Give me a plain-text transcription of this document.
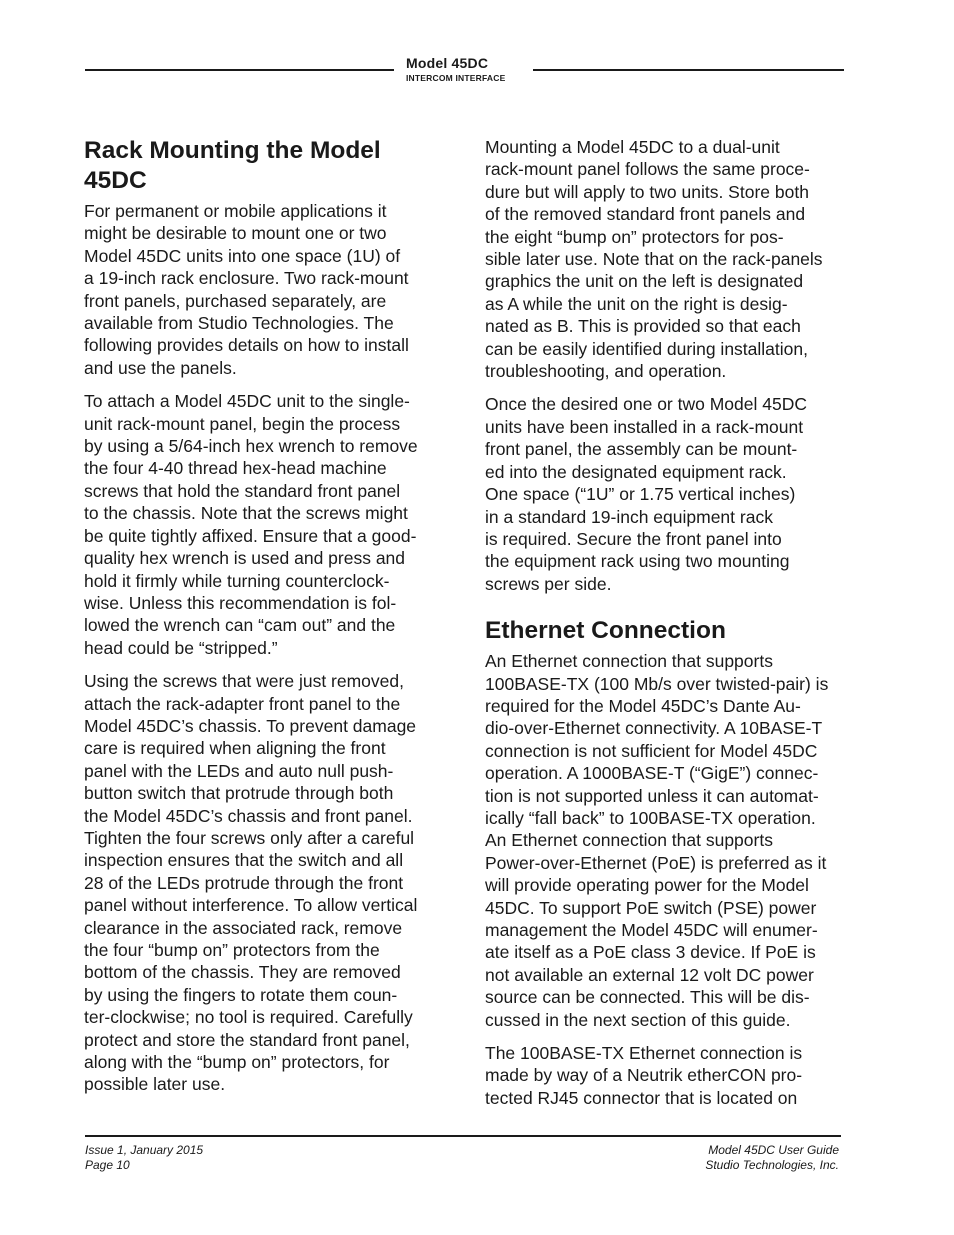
Model 45DC
INTERCOM INTERFACE
Rack Mounting the Model
45DC
For permanent or mobile applications it
might be desirable to mount one or two
Model 45DC units into one space (1U) of
a 19-inch rack enclosure. Two rack-mount
front panels, purchased separately, are
available from Studio Technologies. The
following provides details on how to install
and use the panels.
To attach a Model 45DC unit to the single-
unit rack-mount panel, begin the process
by using a 5/64-inch hex wrench to remove
the four 4-40 thread hex-head machine
screws that hold the standard front panel
to the chassis. Note that the screws might
be quite tightly affixed. Ensure that a good-
quality hex wrench is used and press and
hold it firmly while turning counterclock-
wise. Unless this recommendation is fol-
lowed the wrench can “cam out” and the
head could be “stripped.”
Using the screws that were just removed,
attach the rack-adapter front panel to the
Model 45DC’s chassis. To prevent damage
care is required when aligning the front
panel with the LEDs and auto null push-
button switch that protrude through both
the Model 45DC’s chassis and front panel.
Tighten the four screws only after a careful
inspection ensures that the switch and all
28 of the LEDs protrude through the front
panel without interference. To allow vertical
clearance in the associated rack, remove
the four “bump on” protectors from the
bottom of the chassis. They are removed
by using the fingers to rotate them coun-
ter-clockwise; no tool is required. Carefully
protect and store the standard front panel,
along with the “bump on” protectors, for
possible later use.
Mounting a Model 45DC to a dual-unit
rack-mount panel follows the same proce-
dure but will apply to two units. Store both
of the removed standard front panels and
the eight “bump on” protectors for pos-
sible later use. Note that on the rack-panels
graphics the unit on the left is designated
as A while the unit on the right is desig-
nated as B. This is provided so that each
can be easily identified during installation,
troubleshooting, and operation.
Once the desired one or two Model 45DC
units have been installed in a rack-mount
front panel, the assembly can be mount-
ed into the designated equipment rack.
One space (“1U” or 1.75 vertical inches)
in a standard 19-inch equipment rack
is required. Secure the front panel into
the equipment rack using two mounting
screws per side.
Ethernet Connection
An Ethernet connection that supports
100BASE-TX (100 Mb/s over twisted-pair) is
required for the Model 45DC’s Dante Au-
dio-over-Ethernet connectivity. A 10BASE-T
connection is not sufficient for Model 45DC
operation. A 1000BASE-T (“GigE”) connec-
tion is not supported unless it can automat-
ically “fall back” to 100BASE-TX operation.
An Ethernet connection that supports
Power-over-Ethernet (PoE) is preferred as it
will provide operating power for the Model
45DC. To support PoE switch (PSE) power
management the Model 45DC will enumer-
ate itself as a PoE class 3 device. If PoE is
not available an external 12 volt DC power
source can be connected. This will be dis-
cussed in the next section of this guide.
The 100BASE-TX Ethernet connection is
made by way of a Neutrik etherCON pro-
tected RJ45 connector that is located on
Issue 1, January 2015
Page 10
Model 45DC User Guide
Studio Technologies, Inc.
